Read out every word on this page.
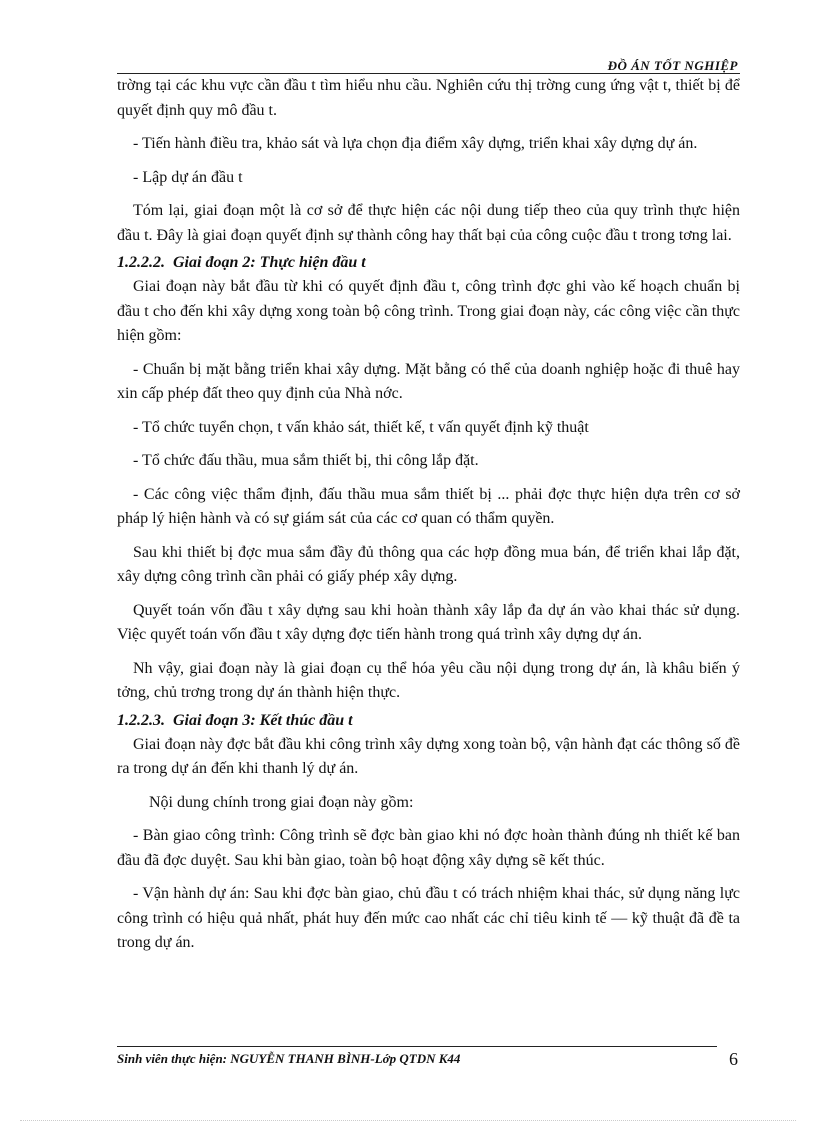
ĐỒ ÁN TỐT NGHIỆP

trờng tại các khu vực cần đầu t tìm hiểu nhu cầu. Nghiên cứu thị trờng cung ứng vật t, thiết bị để quyết định quy mô đầu t.

- Tiến hành điều tra, khảo sát và lựa chọn địa điểm xây dựng, triển khai xây dựng dự án.

- Lập dự án đầu t

Tóm lại, giai đoạn một là cơ sở để thực hiện các nội dung tiếp theo của quy trình thực hiện đầu t. Đây là giai đoạn quyết định sự thành công hay thất bại của công cuộc đầu t trong tơng lai.

1.2.2.2. Giai đoạn 2: Thực hiện đầu t

Giai đoạn này bắt đầu từ khi có quyết định đầu t, công trình đợc ghi vào kế hoạch chuẩn bị đầu t cho đến khi xây dựng xong toàn bộ công trình. Trong giai đoạn này, các công việc cần thực hiện gồm:

- Chuẩn bị mặt bằng triển khai xây dựng. Mặt bằng có thể của doanh nghiệp hoặc đi thuê hay xin cấp phép đất theo quy định của Nhà nớc.

- Tổ chức tuyển chọn, t vấn khảo sát, thiết kế, t vấn quyết định kỹ thuật

- Tổ chức đấu thầu, mua sắm thiết bị, thi công lắp đặt.

- Các công việc thẩm định, đấu thầu mua sắm thiết bị ... phải đợc thực hiện dựa trên cơ sở pháp lý hiện hành và có sự giám sát của các cơ quan có thẩm quyền.

Sau khi thiết bị đợc mua sắm đầy đủ thông qua các hợp đồng mua bán, để triển khai lắp đặt, xây dựng công trình cần phải có giấy phép xây dựng.

Quyết toán vốn đầu t xây dựng sau khi hoàn thành xây lắp đa dự án vào khai thác sử dụng. Việc quyết toán vốn đầu t xây dựng đợc tiến hành trong quá trình xây dựng dự án.

Nh vậy, giai đoạn này là giai đoạn cụ thể hóa yêu cầu nội dụng trong dự án, là khâu biến ý tởng, chủ trơng trong dự án thành hiện thực.

1.2.2.3. Giai đoạn 3: Kết thúc đầu t

Giai đoạn này đợc bắt đầu khi công trình xây dựng xong toàn bộ, vận hành đạt các thông số đề ra trong dự án đến khi thanh lý dự án.

Nội dung chính trong giai đoạn này gồm:

- Bàn giao công trình: Công trình sẽ đợc bàn giao khi nó đợc hoàn thành đúng nh thiết kế ban đầu đã đợc duyệt. Sau khi bàn giao, toàn bộ hoạt động xây dựng sẽ kết thúc.

- Vận hành dự án: Sau khi đợc bàn giao, chủ đầu t có trách nhiệm khai thác, sử dụng năng lực công trình có hiệu quả nhất, phát huy đến mức cao nhất các chỉ tiêu kinh tế — kỹ thuật đã đề ta trong dự án.

Sinh viên thực hiện: NGUYỄN THANH BÌNH-Lớp QTDN K44	6
